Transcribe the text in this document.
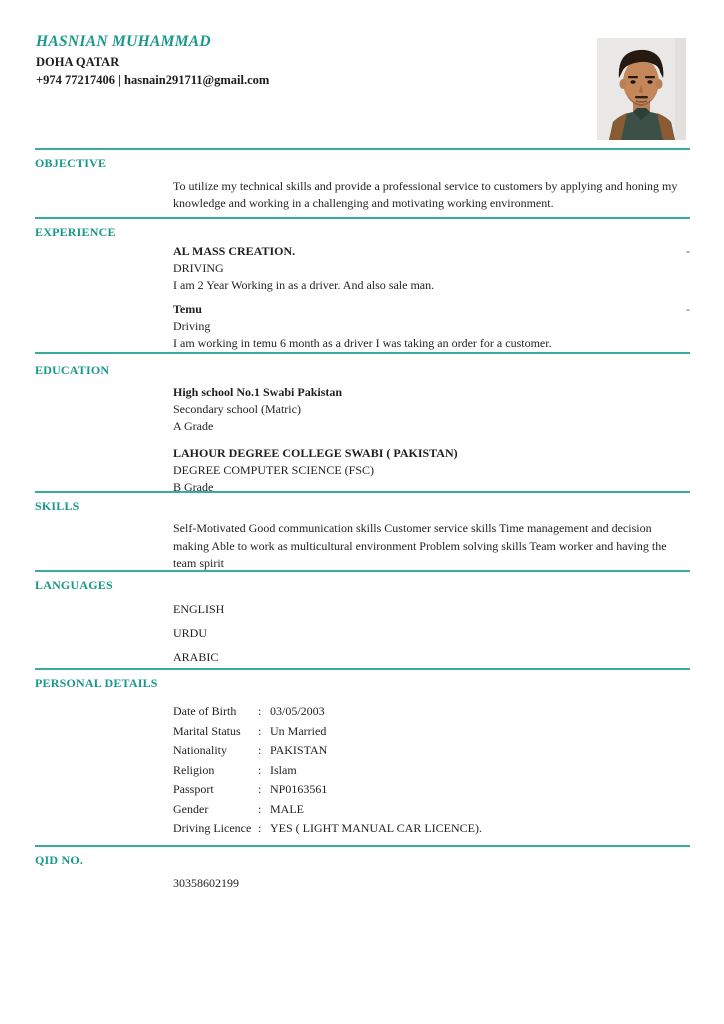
HASNIAN MUHAMMAD
DOHA QATAR
+974 77217406 | hasnain291711@gmail.com
OBJECTIVE

To utilize my technical skills and provide a professional service to customers by applying and honing my knowledge and working in a challenging and motivating working environment.

EXPERIENCE
AL MASS CREATION.	-
DRIVING
I am 2 Year Working in as a driver. And also sale man.
Temu	-
Driving
I am working in temu 6 month as a driver I was taking an order for a customer.
EDUCATION
High school No.1 Swabi Pakistan
Secondary school (Matric)
A Grade
LAHOUR DEGREE COLLEGE SWABI ( PAKISTAN)
DEGREE COMPUTER SCIENCE (FSC)
B Grade
SKILLS

Self-Motivated Good communication skills Customer service skills Time management and decision making Able to work as multicultural environment Problem solving skills Team worker and having the team spirit

LANGUAGES
ENGLISH
URDU
ARABIC
PERSONAL DETAILS
Date of Birth	: 03/05/2003
Marital Status	: Un Married
Nationality	: PAKISTAN
Religion	: Islam
Passport	: NP0163561
Gender	: MALE
Driving Licence : YES ( LIGHT MANUAL CAR LICENCE).
QID NO.
30358602199
